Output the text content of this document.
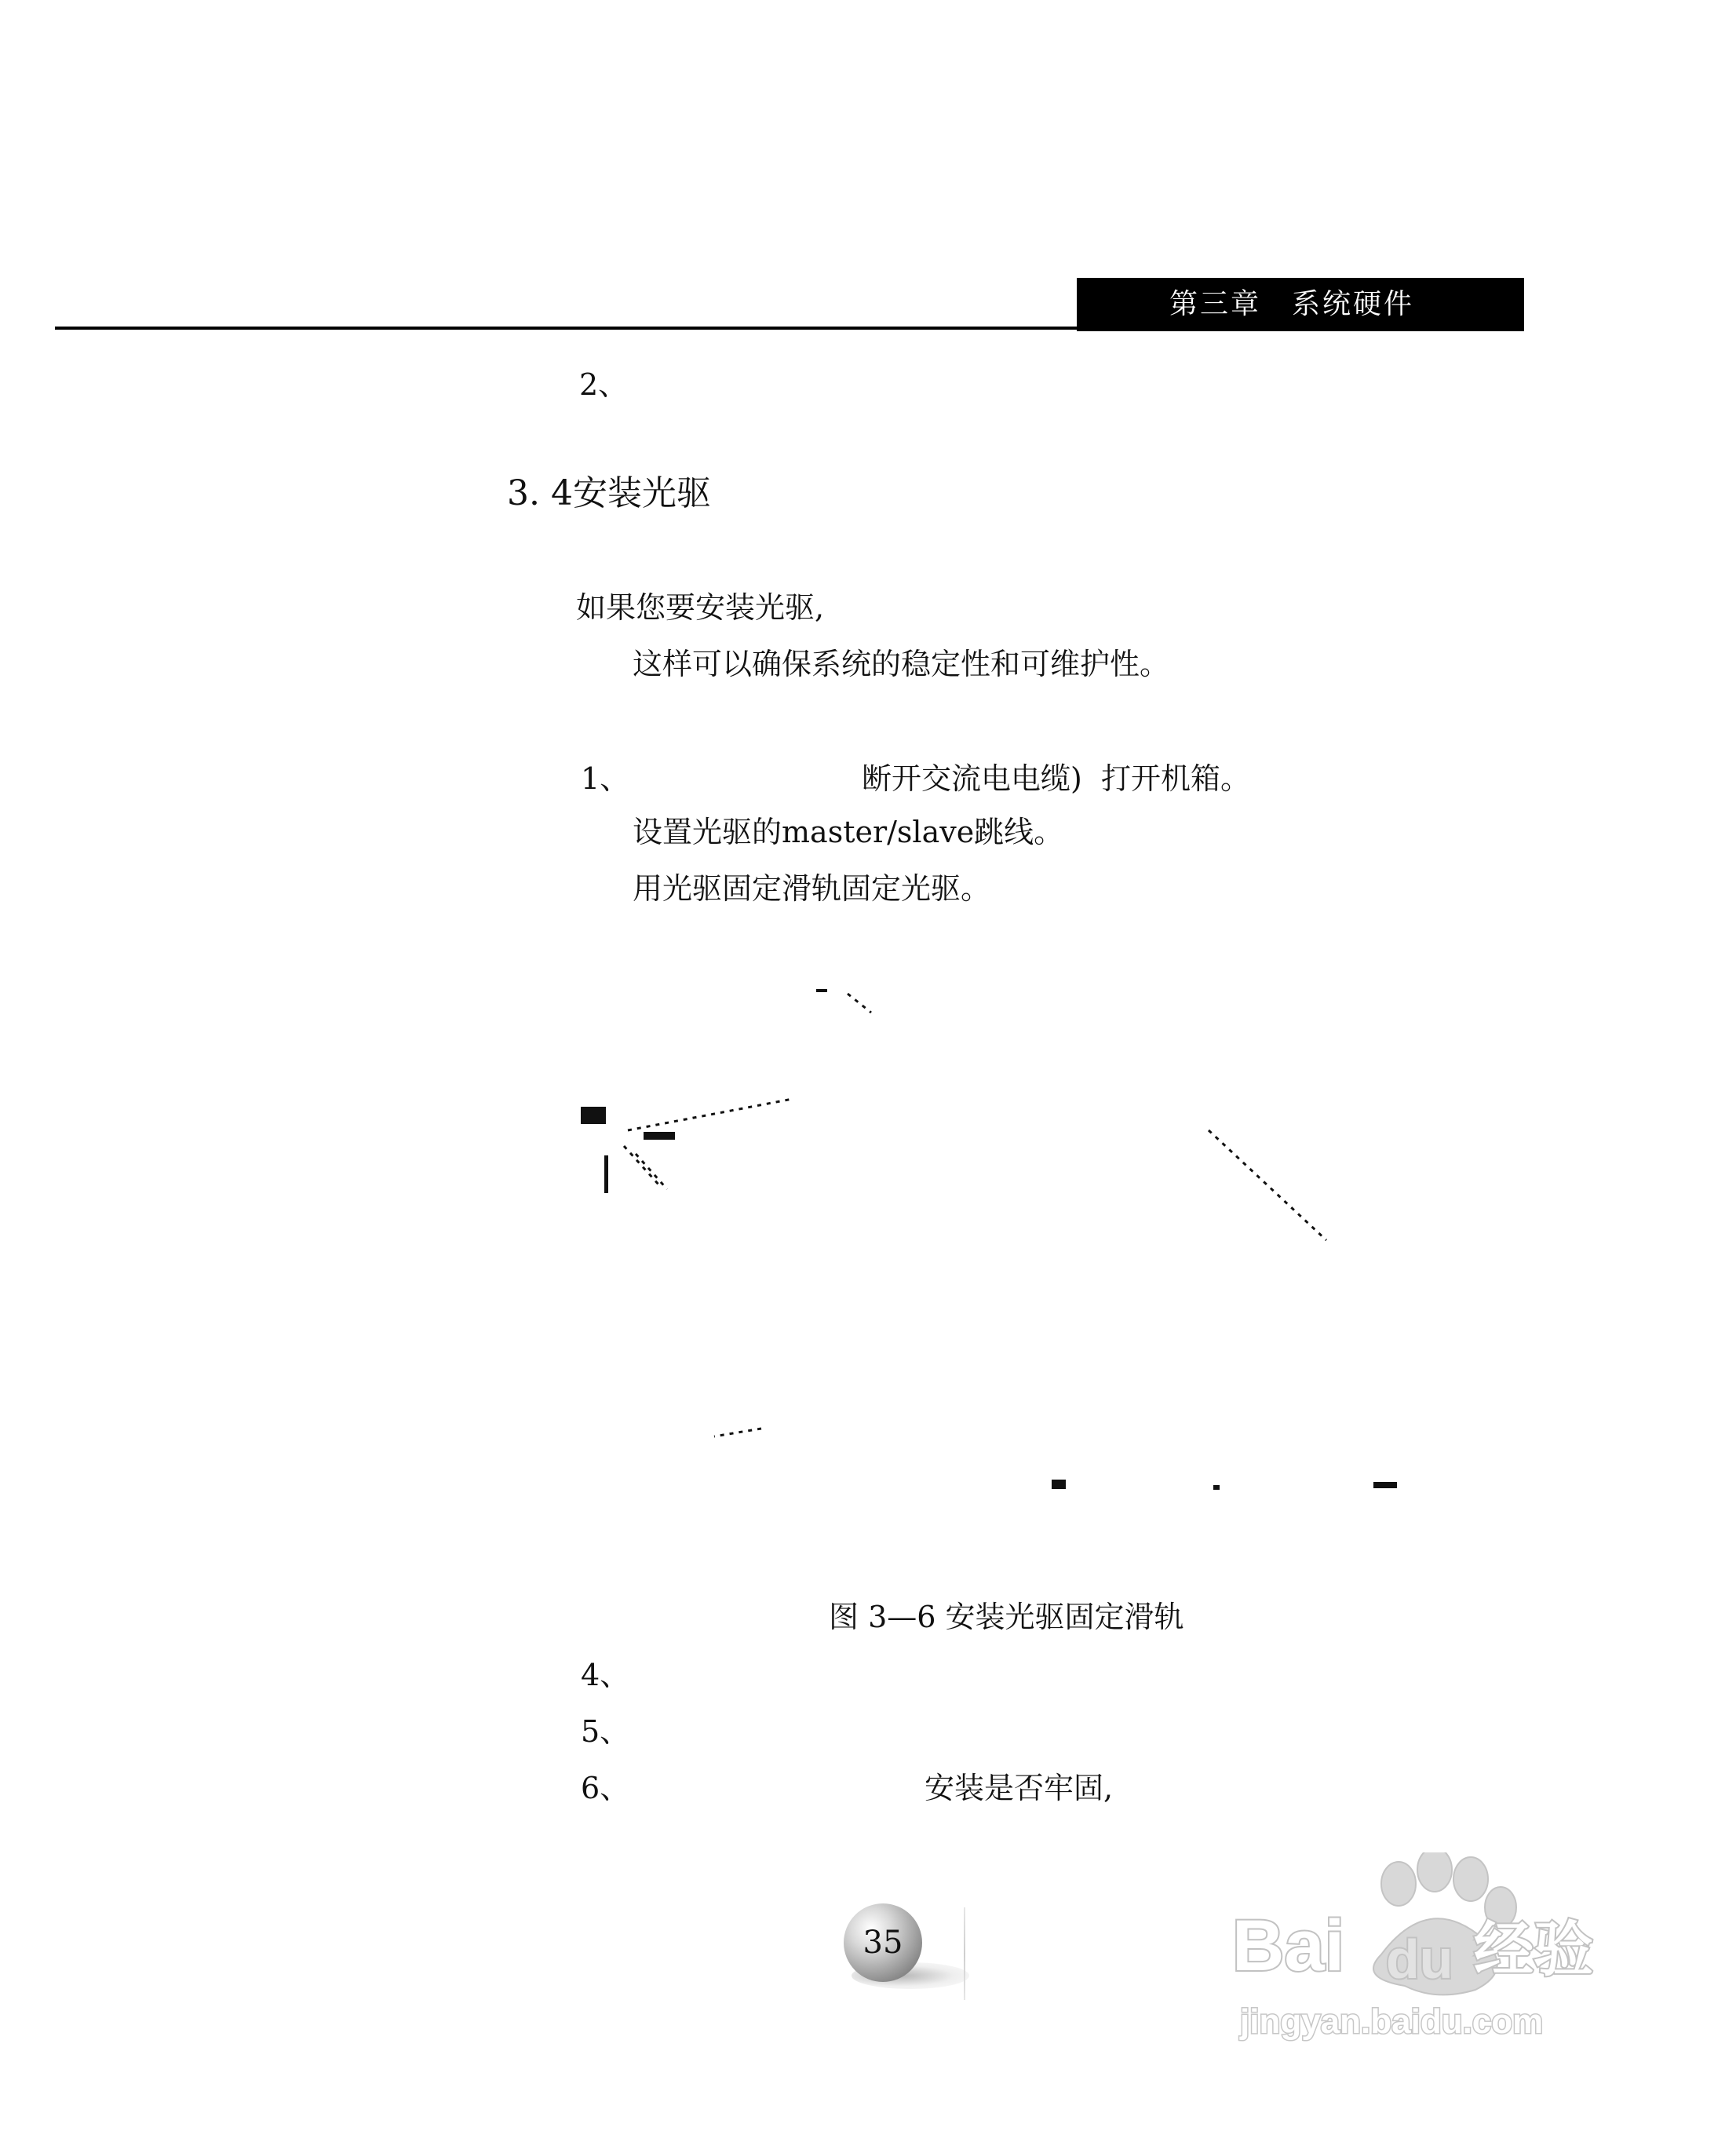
第三章　系统硬件
2、
3. 4安装光驱
如果您要安装光驱,
这样可以确保系统的稳定性和可维护性。
1、	断开交流电电缆)  打开机箱。
设置光驱的master/slave跳线。
用光驱固定滑轨固定光驱。
图 3—6 安装光驱固定滑轨
4、
5、
6、	安装是否牢固,
35	Bai du 经验
jingyan.baidu.com
